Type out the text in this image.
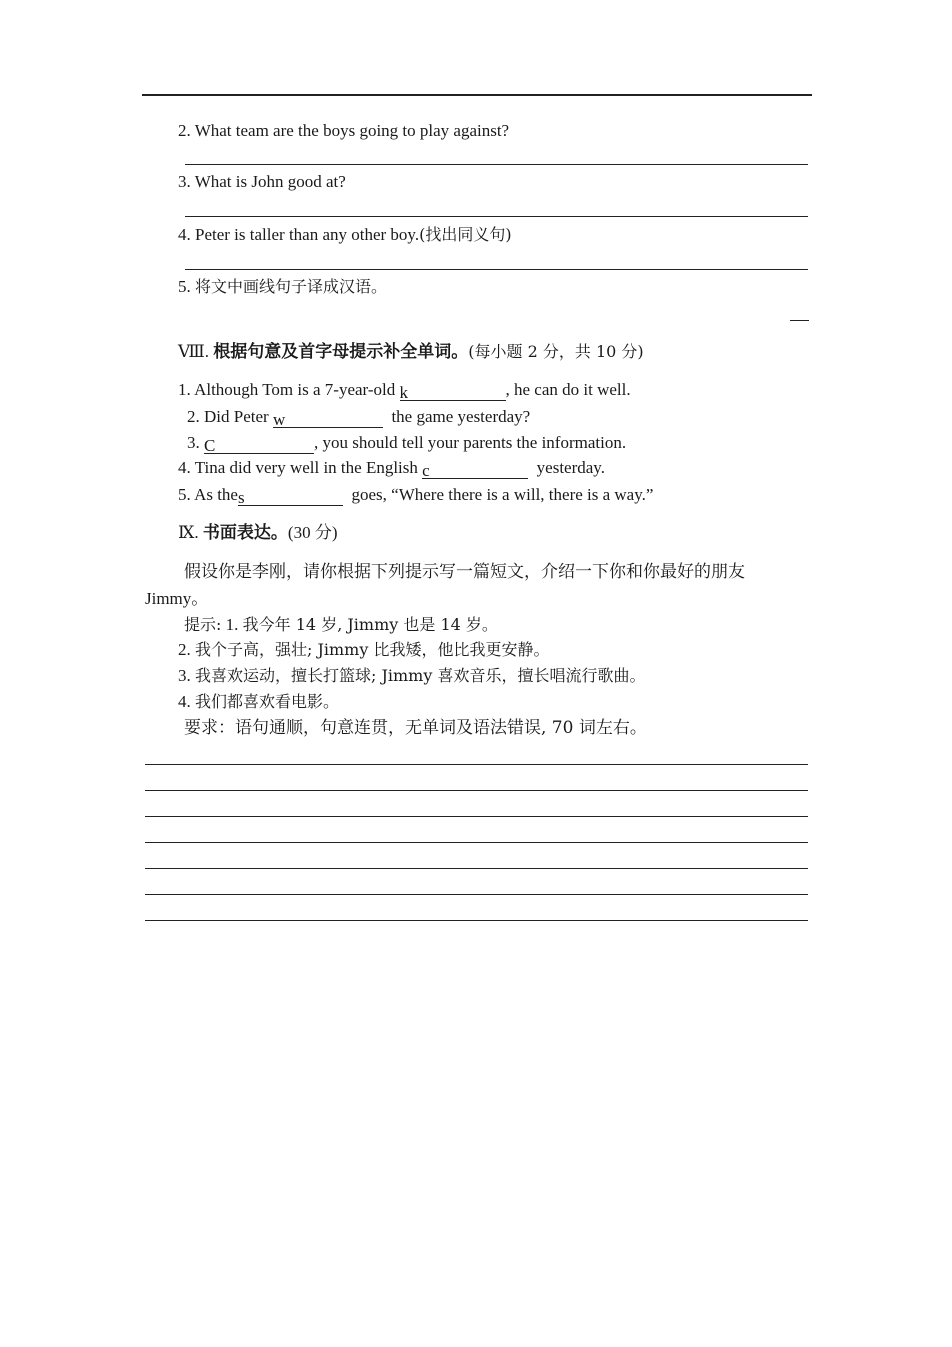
2. What team are the boys going to play against?
3. What is John good at?
4. Peter is taller than any other boy.(找出同义句)
5. 将文中画线句子译成汉语。
Ⅷ. 根据句意及首字母提示补全单词。(每小题 2 分，共 10 分)
1. Although Tom is a 7-year-old k	, he can do it well.
2. Did Peter w	the game yesterday?
3. C	, you should tell your parents the information.
4. Tina did very well in the English c	yesterday.
5. As thes	goes, “Where there is a will, there is a way.”
Ⅸ. 书面表达。(30 分)
假设你是李刚，请你根据下列提示写一篇短文，介绍一下你和你最好的朋友
Jimmy。
提示: 1. 我今年 14 岁, Jimmy 也是 14 岁。
2. 我个子高，强壮; Jimmy 比我矮，他比我更安静。
3. 我喜欢运动，擅长打篮球; Jimmy 喜欢音乐，擅长唱流行歌曲。
4. 我们都喜欢看电影。
要求：语句通顺，句意连贯，无单词及语法错误, 70 词左右。
